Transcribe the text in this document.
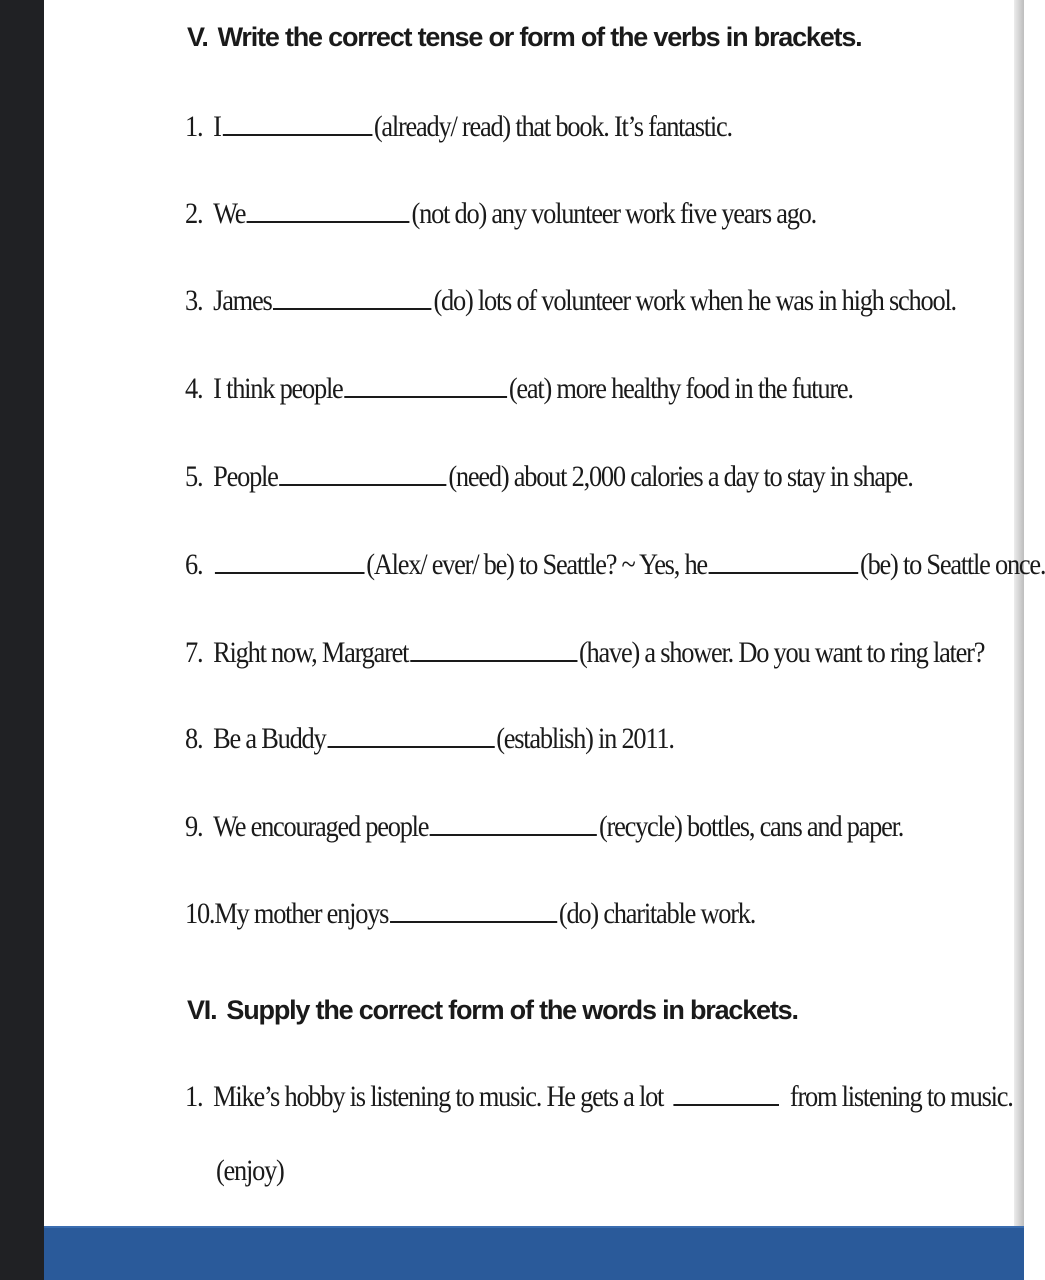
V. Write the correct tense or form of the verbs in brackets.
1. I	(already/ read) that book. It’s fantastic.
2. We	(not do) any volunteer work five years ago.
3. James	(do) lots of volunteer work when he was in high school.
4. I think people	(eat) more healthy food in the future.
5. People	(need) about 2,000 calories a day to stay in shape.
6.	(Alex/ ever/ be) to Seattle? ~ Yes, he	(be) to Seattle once.
7. Right now, Margaret	(have) a shower. Do you want to ring later?
8. Be a Buddy	(establish) in 2011.
9. We encouraged people	(recycle) bottles, cans and paper.
10.My mother enjoys	(do) charitable work.
VI. Supply the correct form of the words in brackets.
1. Mike’s hobby is listening to music. He gets a lot	from listening to music.
(enjoy)
